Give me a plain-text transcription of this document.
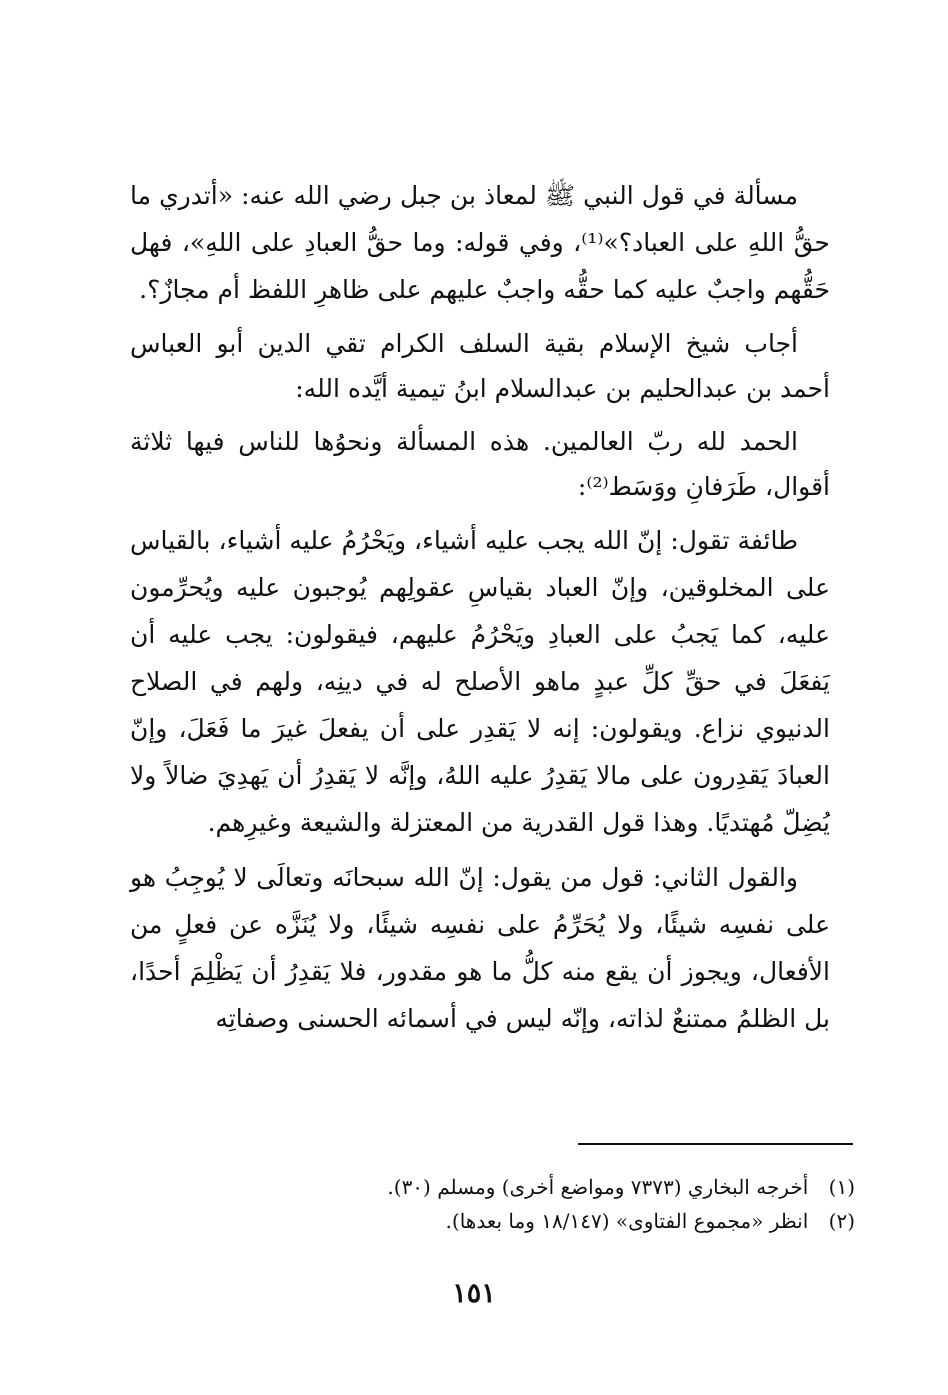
مسألة في قول النبي ﷺ لمعاذ بن جبل رضي الله عنه: «أتدري ما حقُّ اللهِ على العباد؟»⁽¹⁾، وفي قوله: وما حقُّ العبادِ على اللهِ»، فهل حَقُّهم واجبٌ عليه كما حقُّه واجبٌ عليهم على ظاهرِ اللفظ أم مجازٌ؟.

أجاب شيخ الإسلام بقية السلف الكرام تقي الدين أبو العباس أحمد بن عبدالحليم بن عبدالسلام ابنُ تيمية أيَّده الله:

الحمد لله ربّ العالمين. هذه المسألة ونحوُها للناس فيها ثلاثة أقوال، طَرَفانِ ووَسَط⁽²⁾:

طائفة تقول: إنّ الله يجب عليه أشياء، ويَحْرُمُ عليه أشياء، بالقياس على المخلوقين، وإنّ العباد بقياسِ عقولِهم يُوجبون عليه ويُحرِّمون عليه، كما يَجبُ على العبادِ ويَحْرُمُ عليهم، فيقولون: يجب عليه أن يَفعَلَ في حقِّ كلِّ عبدٍ ماهو الأصلح له في دينِه، ولهم في الصلاح الدنيوي نزاع. ويقولون: إنه لا يَقدِر على أن يفعلَ غيرَ ما فَعَلَ، وإنّ العبادَ يَقدِرون على مالا يَقدِرُ عليه اللهُ، وإنَّه لا يَقدِرُ أن يَهدِيَ ضالاً ولا يُضِلّ مُهتديًا. وهذا قول القدرية من المعتزلة والشيعة وغيرِهم.

والقول الثاني: قول من يقول: إنّ الله سبحانَه وتعالَى لا يُوجِبُ هو على نفسِه شيئًا، ولا يُحَرِّمُ على نفسِه شيئًا، ولا يُنَزَّه عن فعلٍ من الأفعال، ويجوز أن يقع منه كلُّ ما هو مقدور، فلا يَقدِرُ أن يَظْلِمَ أحدًا، بل الظلمُ ممتنعٌ لذاته، وإنّه ليس في أسمائه الحسنى وصفاتِه

(١) أخرجه البخاري (٧٣٧٣ ومواضع أخرى) ومسلم (٣٠).

(٢) انظر «مجموع الفتاوى» (١٨/١٤٧ وما بعدها).

١٥١
